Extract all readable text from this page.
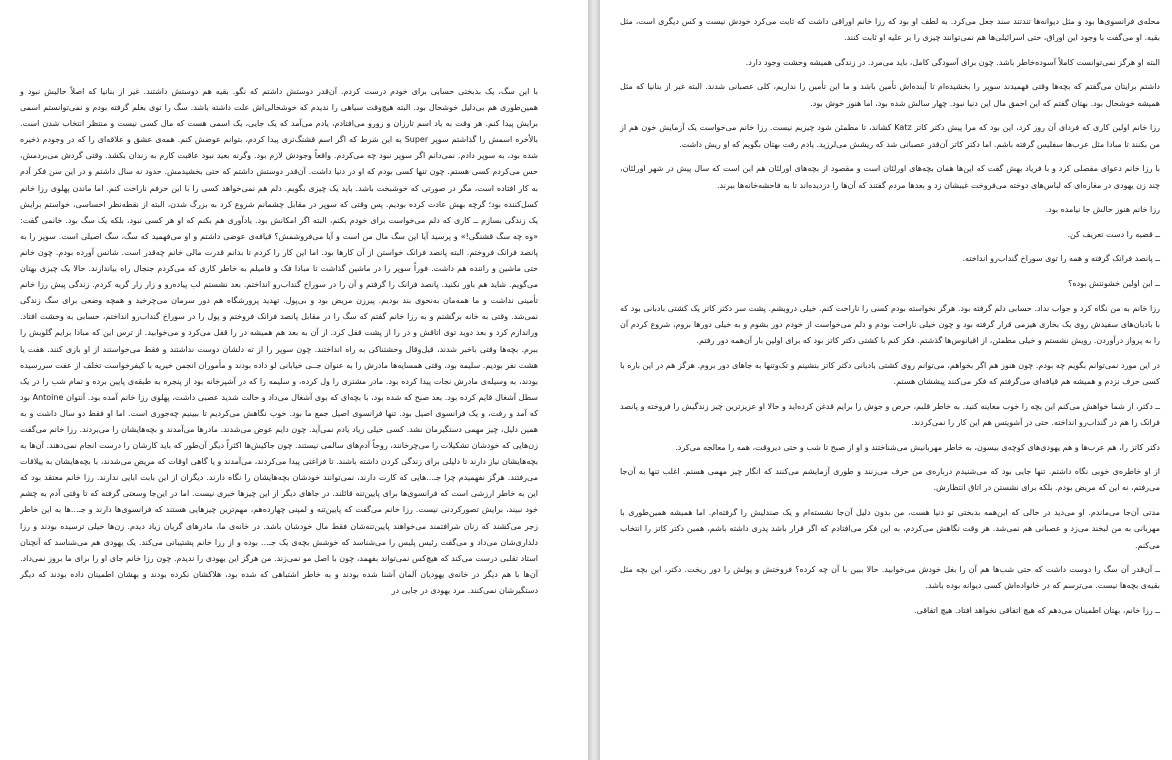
با این سگ، یک بدبختی حسابی برای خودم درست کردم. آن‌قدر دوستش داشتم که نگو. بقیه هم دوستش داشتند. غیر از بنانیا که اصلاً حالیش نبود و همین‌طوری هم بی‌دلیل خوشحال بود. البته هیچ‌وقت سیاهی را ندیدم که خوشحالی‌اش علت داشته باشد. سگ را توی بغلم گرفته بودم و نمی‌توانستم اسمی برایش پیدا کنم. هر وقت به یاد اسم تارزان و زورو می‌افتادم، یادم می‌آمد که یک جایی، یک اسمی هست که مال کسی نیست و منتظر انتخاب شدن است. بالأخره اسمش را گذاشتم سوپر Super به این شرط که اگر اسم قشنگ‌تری پیدا کردم، بتوانم عوضش کنم. همه‌ی عشق و علاقه‌ای را که در وجودم ذخیره شده بود، به سوپر دادم. نمی‌دانم اگر سوپر نبود چه می‌کردم. واقعاً وجودش لازم بود. وگرنه بعید نبود عاقبت کارم به زندان بکشد. وقتی گردش می‌بردمش، حس می‌کردم کسی هستم. چون تنها کسی بودم که او در دنیا داشت. آن‌قدر دوستش داشتم که حتی بخشیدمش. حدود نه سال داشتم و در این سن فکر آدم به کار افتاده است، مگر در صورتی که خوشبخت باشد. باید یک چیزی بگویم. دلم هم نمی‌خواهد کسی را با این حرفم ناراحت کنم. اما ماندن پهلوی رزا خانم کسل‌کننده بود؛ گرچه بهش عادت کرده بودیم. پس وقتی که سوپر در مقابل چشمانم شروع کرد به بزرگ شدن، البته از نقطه‌نظر احساسی، خواستم برایش یک زندگی بسازم ــ کاری که دلم می‌خواست برای خودم بکنم، البته اگر امکانش بود. یادآوری هم بکنم که او هر کسی نبود، بلکه یک سگ بود. خانمی گفت: «وه چه سگ قشنگی!» و پرسید آیا این سگ مال من است و آیا می‌فروشمش؟ قیافه‌ی عوضی داشتم و او می‌فهمید که سگ، سگ اصیلی است. سوپر را به پانصد فرانک فروختم. البته پانصد فرانک خواستن از آن کارها بود. اما این کار را کردم تا بدانم قدرت مالی خانم چه‌قدر است. شانس آورده بودم. چون خانم حتی ماشین و راننده هم داشت. فوراً سوپر را در ماشین گذاشت تا مبادا فک و فامیلم به خاطر کاری که می‌کردم جنجال راه بیاندازند. حالا یک چیزی بهتان می‌گویم. شاید هم باور نکنید. پانصد فرانک را گرفتم و آن را در سوراخ گنداب‌رو انداختم. بعد نشستم لب پیاده‌رو و زار زار گریه کردم. زندگی پیش رزا خانم تأمینی نداشت و ما همه‌مان به‌نحوی بند بودیم. پیرزن مریض بود و بی‌پول. تهدید پرورشگاه هم دور سرمان می‌چرخید و همچه وضعی برای سگ زندگی نمی‌شد. وقتی به خانه برگشتم و به رزا خانم گفتم که سگ را در مقابل پانصد فرانک فروختم و پول را در سوراخ گنداب‌رو انداختم، حسابی به وحشت افتاد. وراندازم کرد و بعد دوید توی اتاقش و در را از پشت قفل کرد. از آن به بعد هم همیشه در را قفل می‌کرد و می‌خوابید. از ترس این که مبادا برایم گلویش را ببرم. بچه‌ها وقتی باخبر شدند، قیل‌وقال وحشتناکی به راه انداختند. چون سوپر را از ته دلشان دوست نداشتند و فقط می‌خواستند از او بازی کنند. هفت یا هشت نفر بودیم. سلیمه بود، وقتی همسایه‌ها مادرش را به عنوان جــی خیابانی لو داده بودند و مأموران انجمن خیریه با کیفرخواست تخلف از عفت سررسیده بودند، به وسیله‌ی مادرش نجات پیدا کرده بود. مادر مشتری را ول کرده، و سلیمه را که در آشپزخانه بود از پنجره به طبقه‌ی پایین برده و تمام شب را در یک سطل آشغال قایم کرده بود. بعد صبح که شده بود، با بچه‌ای که بوی آشغال می‌داد و حالت شدید عصبی داشت، پهلوی رزا خانم آمده بود. آنتوان Antoine بود که آمد و رفت، و یک فرانسوی اصیل بود. تنها فرانسوی اصیل جمع ما بود. خوب نگاهش می‌کردیم تا ببینیم چه‌جوری است. اما او فقط دو سال داشت و به همین دلیل، چیز مهمی دستگیرمان نشد. کسی خیلی زیاد یادم نمی‌آید. چون دایم عوض می‌شدند. مادرها می‌آمدند و بچه‌هایشان را می‌بردند. رزا خانم می‌گفت زن‌هایی که خودشان تشکیلات را می‌چرخانند، روحاً آدم‌های سالمی نیستند. چون جاکیش‌ها اکثراً دیگر آن‌طور که باید کارشان را درست انجام نمی‌دهند. آن‌ها به بچه‌هایشان نیاز دارند تا دلیلی برای زندگی کردن داشته باشند. تا فراغتی پیدا می‌کردند، می‌آمدند و یا گاهی اوقات که مریض می‌شدند، با بچه‌هایشان به ییلاقات می‌رفتند. هرگز نفهمیدم چرا جـ...هایی که کارت دارند، نمی‌توانند خودشان بچه‌هایشان را نگاه دارند. دیگران از این بابت ابایی ندارند. رزا خانم معتقد بود که این به خاطر ارزشی است که فرانسوی‌ها برای پایین‌تنه قائلند. در جاهای دیگر از این چیزها خبری نیست. اما در این‌جا وسعتی گرفته که تا وقتی آدم به چشم خود نبیند، برایش تصورکردنی نیست. رزا خانم می‌گفت که پایین‌تنه و لمپنی چهارده‌هم، مهم‌ترین چیزهایی هستند که فرانسوی‌ها دارند و جـ...ها به این خاطر زجر می‌کشند که زنان شرافتمند می‌خواهند پایین‌تنه‌شان فقط مال خودشان باشد. در خانه‌ی ما، مادرهای گریان زیاد دیدم. زن‌ها خیلی ترسیده بودند و رزا دلداری‌شان می‌داد و می‌گفت رئیس پلیس را می‌شناسد که خوشش بچه‌ی یک جـ... بوده و از رزا خانم پشتیبانی می‌کند. یک یهودی هم می‌شناسد که آنچنان استاد تقلبی درست می‌کند که هیچ‌کس نمی‌تواند بفهمد، چون با اصل مو نمی‌زند. من هرگز این یهودی را ندیدم. چون رزا خانم جای او را برای ما بروز نمی‌داد. آن‌ها با هم دیگر در خانه‌ی یهودیان آلمان آشنا شده بودند و به خاطر اشتباهی که شده بود، هلاکشان نکرده بودند و بهشان اطمینان داده بودند که دیگر دستگیرشان نمی‌کنند. مرد یهودی در جایی در

محله‌ی فرانسوی‌ها بود و مثل دیوانه‌ها تندتند سند جعل می‌کرد. به لطف او بود که رزا خانم اوراقی داشت که ثابت می‌کرد خودش نیست و کس دیگری است، مثل بقیه. او می‌گفت با وجود این اوراق، حتی اسرائیلی‌ها هم نمی‌توانند چیزی را بر علیه او ثابت کنند.

البته او هرگز نمی‌توانست کاملاً آسوده‌خاطر باشد. چون برای آسودگی کامل، باید می‌مرد. در زندگی همیشه وحشت وجود دارد.

داشتم برایتان می‌گفتم که بچه‌ها وقتی فهمیدند سوپر را بخشیده‌ام تا آینده‌اش تأمین باشد و ما این تأمین را نداریم، کلی عصبانی شدند. البته غیر از بنانیا که مثل همیشه خوشحال بود. بهتان گفتم که این احمق مال این دنیا نبود. چهار سالش شده بود، اما هنوز خوش بود.

رزا خانم اولین کاری که فردای آن روز کرد، این بود که مرا پیش دکتر کاتز Katz کشاند، تا مطمئن شود چیزیم نیست. رزا خانم می‌خواست یک آزمایش خون هم از من بکنند تا مبادا مثل عرب‌ها سفلیس گرفته باشم. اما دکتر کاتز آن‌قدر عصبانی شد که ریشش می‌لرزید. یادم رفت بهتان بگویم که او ریش داشت.

با رزا خانم دعوای مفصلی کرد و با فریاد بهش گفت که این‌ها همان بچه‌های اورلئان است و مقصود از بچه‌های اورلئان هم این است که سال پیش در شهر اورلئان، چند زن یهودی در مغازه‌ای که لباس‌های دوخته می‌فروخت غیبشان زد و بعدها مردم گفتند که آن‌ها را دزدیده‌اند تا به فاحشه‌خانه‌ها ببرند.

رزا خانم هنوز حالش جا نیامده بود.

ــ قضیه را دست تعریف کن.

ــ پانصد فرانک گرفته و همه را توی سوراخ گنداب‌رو انداخته.

ــ این اولین خشونتش بوده؟

رزا خانم به من نگاه کرد و جواب نداد. حسابی دلم گرفته بود. هرگز نخواسته بودم کسی را ناراحت کنم. خیلی درویشم. پشت سر دکتر کاتز یک کشتی بادبانی بود که با بادبان‌های سفیدش روی یک بخاری هیزمی قرار گرفته بود و چون خیلی ناراحت بودم و دلم می‌خواست از خودم دور بشوم و به خیلی دورها بروم، شروع کردم آن را به پرواز درآوردن. رویش نشستم و خیلی مطمئن، از اقیانوس‌ها گذشتم. فکر کنم با کشتی دکتر کاتز بود که برای اولین بار آن‌همه دور رفتم.

در این مورد نمی‌توانم بگویم چه بودم. چون هنوز هم اگر بخواهم، می‌توانم روی کشتی بادبانی دکتر کاتز بنشینم و تک‌وتنها به جاهای دور بروم. هرگز هم در این باره با کسی حرف نزدم و همیشه هم قیافه‌ای می‌گرفتم که فکر می‌کنند پیششان هستم.

ــ دکتر، از شما خواهش می‌کنم این بچه را خوب معاینه کنید. به خاطر قلبم، حرص و جوش را برایم قدغن کرده‌اید و حالا او عزیزترین چیز زندگیش را فروخته و پانصد فرانک را هم در گنداب‌رو انداخته. حتی در آشویتس هم این کار را نمی‌کردند.

دکتر کاتز را، هم عرب‌ها و هم یهودی‌های کوچه‌ی بیسون، به خاطر مهربانیش می‌شناختند و او از صبح تا شب و حتی دیروقت، همه را معالجه می‌کرد.

از او خاطره‌ی خوبی نگاه داشتم. تنها جایی بود که می‌شنیدم درباره‌ی من حرف می‌زنند و طوری آزمایشم می‌کنند که انگار چیز مهمی هستم. اغلب تنها به آن‌جا می‌رفتم، نه این که مریض بودم. بلکه برای نشستن در اتاق انتظارش.

مدتی آن‌جا می‌ماندم. او می‌دید در حالی که این‌همه بدبختی تو دنیا هست، من بدون دلیل آن‌جا نشسته‌ام و یک صندلیش را گرفته‌ام. اما همیشه همین‌طوری با مهربانی به من لبخند می‌زد و عصبانی هم نمی‌شد. هر وقت نگاهش می‌کردم، به این فکر می‌افتادم که اگر قرار باشد پدری داشته باشم، همین دکتر کاتز را انتخاب می‌کنم.

ــ آن‌قدر آن سگ را دوست داشت که حتی شب‌ها هم آن را بغل خودش می‌خوابید. حالا ببین با آن چه کرده؟ فروختش و پولش را دور ریخت. دکتر، این بچه مثل بقیه‌ی بچه‌ها نیست. می‌ترسم که در خانواده‌اش کسی دیوانه بوده باشد.

ــ رزا خانم، بهتان اطمینان می‌دهم که هیچ اتفاقی نخواهد افتاد. هیچ اتفاقی.
